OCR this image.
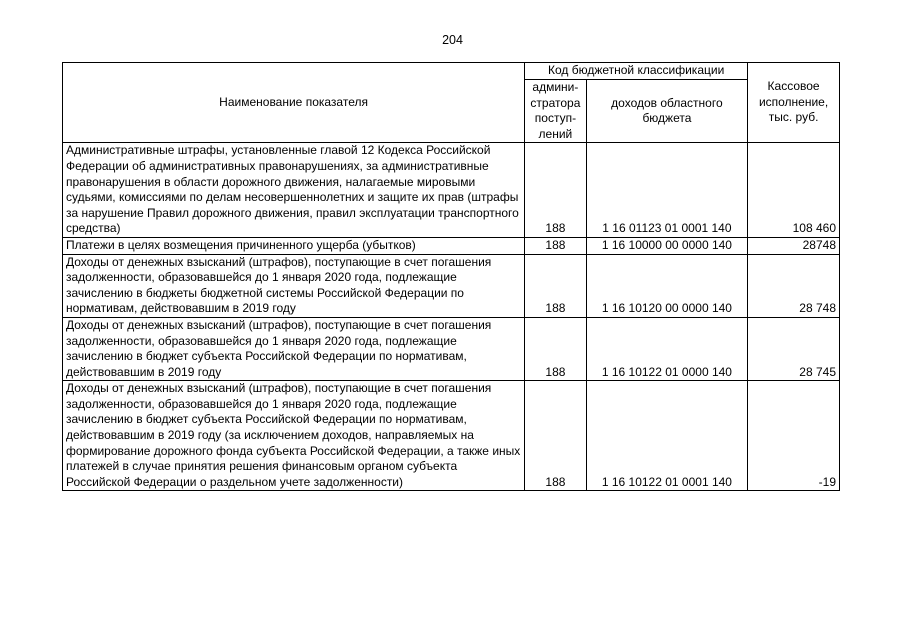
204
Наименование показателя	Код бюджетной классификации		Кассовое исполнение, тыс. руб.
	админи-стратора поступ-лений	доходов областного бюджета	
Административные штрафы, установленные главой 12 Кодекса Российской Федерации об административных правонарушениях, за административные правонарушения в области дорожного движения, налагаемые мировыми судьями, комиссиями по делам несовершеннолетних и защите их прав (штрафы за нарушение Правил дорожного движения, правил эксплуатации транспортного средства)	188	1 16 01123 01 0001 140	108 460
Платежи в целях возмещения причиненного ущерба (убытков)	188	1 16 10000 00 0000 140	28748
Доходы от денежных взысканий (штрафов), поступающие в счет погашения задолженности, образовавшейся до 1 января 2020 года, подлежащие зачислению в бюджеты бюджетной системы Российской Федерации по нормативам, действовавшим в 2019 году	188	1 16 10120 00 0000 140	28 748
Доходы от денежных взысканий (штрафов), поступающие в счет погашения задолженности, образовавшейся до 1 января 2020 года, подлежащие зачислению в бюджет субъекта Российской Федерации по нормативам, действовавшим в 2019 году	188	1 16 10122 01 0000 140	28 745
Доходы от денежных взысканий (штрафов), поступающие в счет погашения задолженности, образовавшейся до 1 января 2020 года, подлежащие зачислению в бюджет субъекта Российской Федерации по нормативам, действовавшим в 2019 году (за исключением доходов, направляемых на формирование дорожного фонда субъекта Российской Федерации, а также иных платежей в случае принятия решения финансовым органом субъекта Российской Федерации о раздельном учете задолженности)	188	1 16 10122 01 0001 140	-19
